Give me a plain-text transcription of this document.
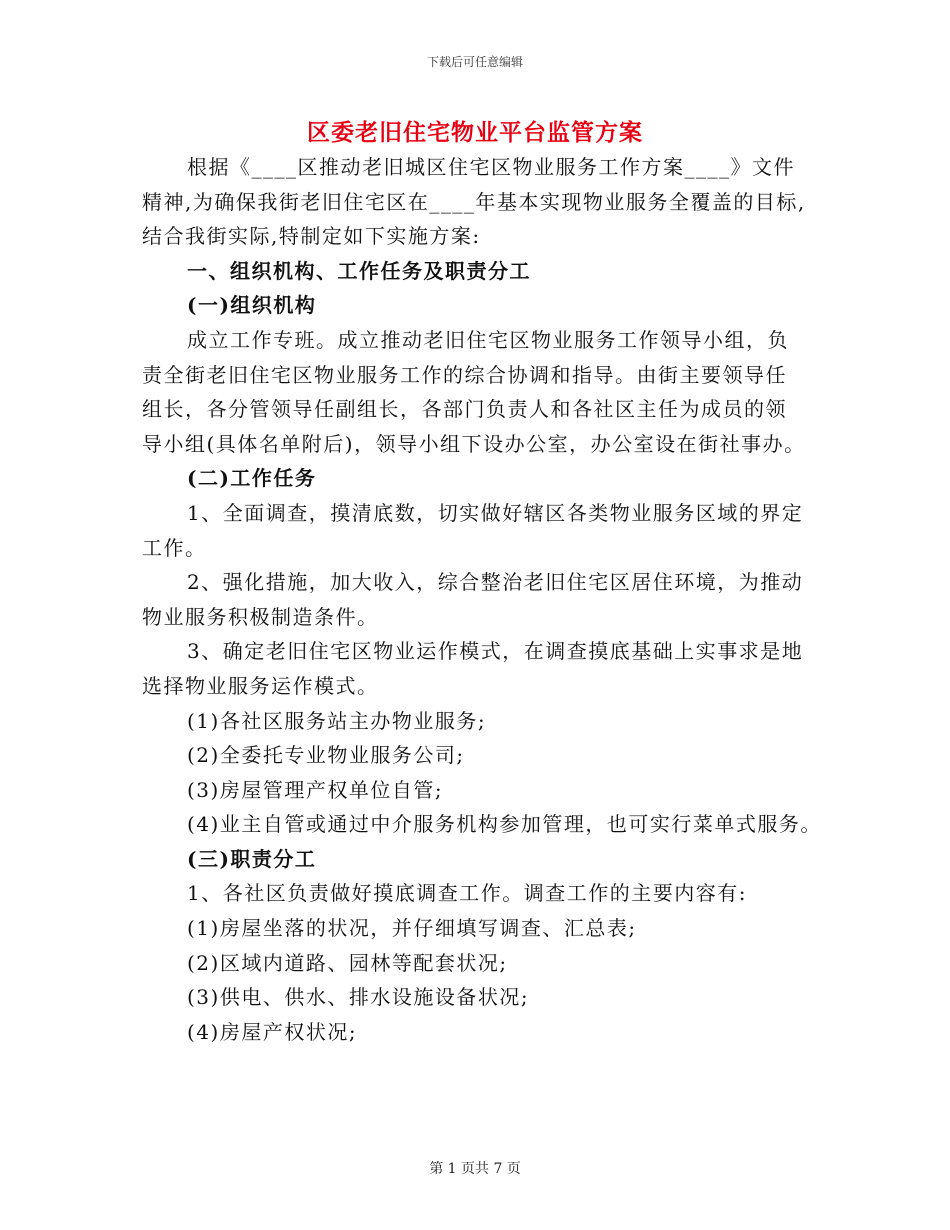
下载后可任意编辑
区委老旧住宅物业平台监管方案
根据《____区推动老旧城区住宅区物业服务工作方案____》文件
精神,为确保我街老旧住宅区在____年基本实现物业服务全覆盖的目标,
结合我街实际,特制定如下实施方案:
一、组织机构、工作任务及职责分工
(一)组织机构
成立工作专班。成立推动老旧住宅区物业服务工作领导小组，负
责全街老旧住宅区物业服务工作的综合协调和指导。由街主要领导任
组长，各分管领导任副组长，各部门负责人和各社区主任为成员的领
导小组(具体名单附后)，领导小组下设办公室，办公室设在街社事办。
(二)工作任务
1、全面调查，摸清底数，切实做好辖区各类物业服务区域的界定
工作。
2、强化措施，加大收入，综合整治老旧住宅区居住环境，为推动
物业服务积极制造条件。
3、确定老旧住宅区物业运作模式，在调查摸底基础上实事求是地
选择物业服务运作模式。
(1)各社区服务站主办物业服务;
(2)全委托专业物业服务公司;
(3)房屋管理产权单位自管;
(4)业主自管或通过中介服务机构参加管理，也可实行菜单式服务。
(三)职责分工
1、各社区负责做好摸底调查工作。调查工作的主要内容有:
(1)房屋坐落的状况，并仔细填写调查、汇总表;
(2)区域内道路、园林等配套状况;
(3)供电、供水、排水设施设备状况;
(4)房屋产权状况;
第 1 页共 7 页
